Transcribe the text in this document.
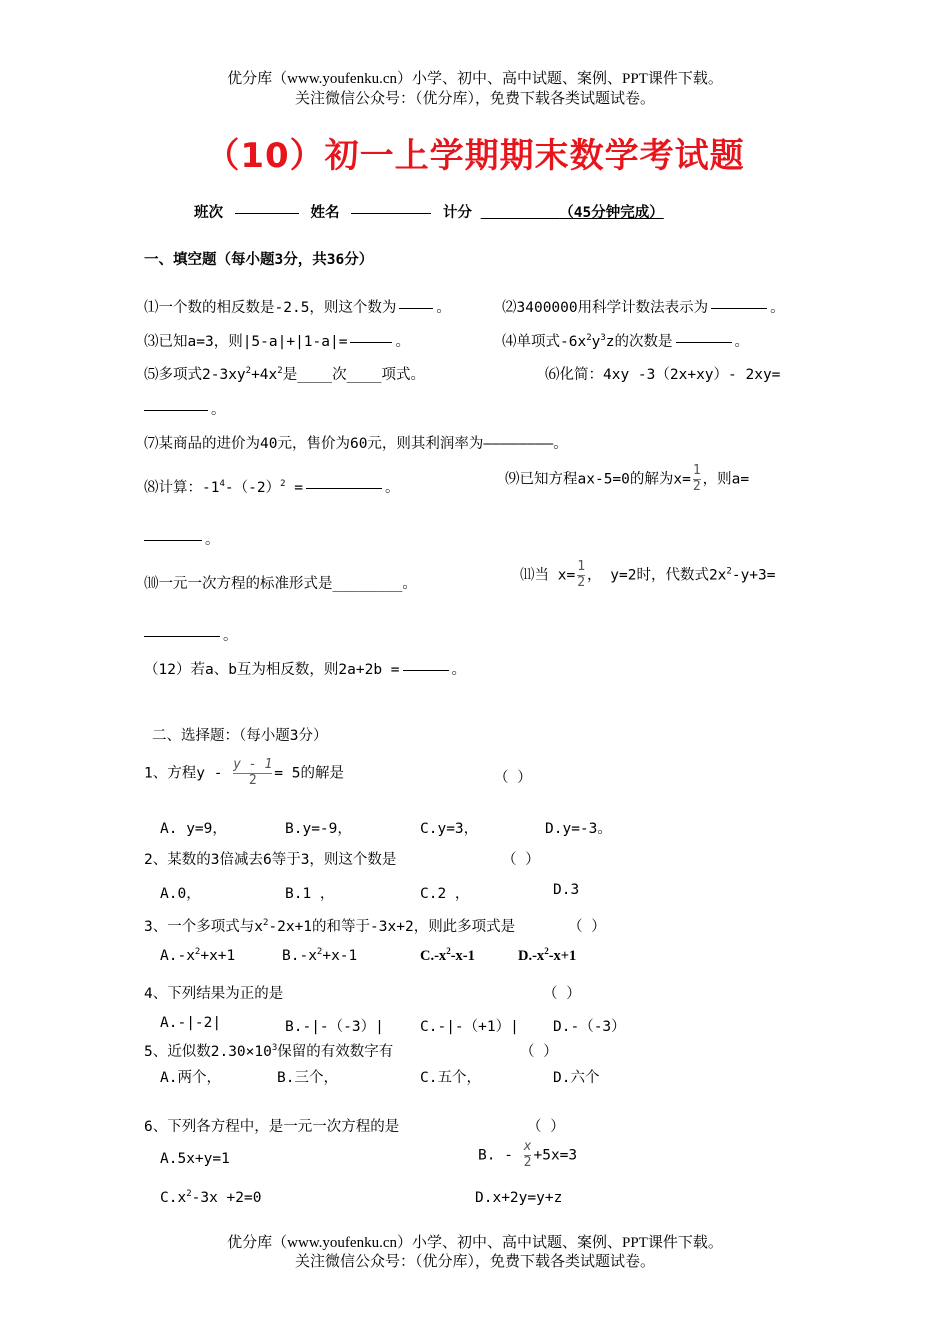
优分库（www.youfenku.cn）小学、初中、高中试题、案例、PPT课件下载。
关注微信公众号：（优分库），免费下载各类试题试卷。
（10）初一上学期期末数学考试题
班次	姓名	计分	（45分钟完成）
一、填空题（每小题3分，共36分）
⑴一个数的相反数是-2.5，则这个数为	。	⑵3400000用科学计数法表示为	。
⑶已知a=3，则|5-a|+|1-a|=	。	⑷单项式$-6x^2y^3z$的次数是	。
⑸多项式$2-3xy^2+4x^2$是____次____项式。	⑹化简：4xy -3（2x+xy）- 2xy=
。
⑺某商品的进价为40元，售价为60元，则其利润率为————————。
⑻计算：$-1^4-(-2)^2$ =	。
⑼已知方程ax-5=0的解为$x= \frac{1}{2}$ ，则a=
。
⑽一元一次方程的标准形式是________。
⑾当 $x= \frac{1}{2}$ ， y=2时，代数式$2x^2-y+3=$
。
（12）若a、b互为相反数，则2a+2b =	。
二、选择题：（每小题3分）
1、方程$y - \frac{y - 1}{2} = 5$的解是	（ ）
A. y=9，	B.y=-9，	C.y=3，	D.y=-3。
2、某数的3倍减去6等于3，则这个数是	（ ）
A.0，	B.1 ，	C.2 ，	D.3
3、一个多项式与$x^2-2x+1$的和等于-3x+2，则此多项式是	（ ）
$A.-x^2+x+1$	$B.-x^2+x-1$	$C.-x^2-x-1$	$D.-x^2-x+1$
4、下列结果为正的是	（ ）
A.-|-2|	B.-|-（-3）| C.-|-（+1）| D.-（-3）
5、近似数$2.30\times 10^3$保留的有效数字有	（ ）
A.两个，	B.三个，	C.五个，	D.六个
6、下列各方程中，是一元一次方程的是	（ ）
A.5x+y=1	B. - $\frac{x}{2} +5x=3$
$C.x^2-3x +2=0$	D.x+2y=y+z
优分库（www.youfenku.cn）小学、初中、高中试题、案例、PPT课件下载。
关注微信公众号：（优分库），免费下载各类试题试卷。
